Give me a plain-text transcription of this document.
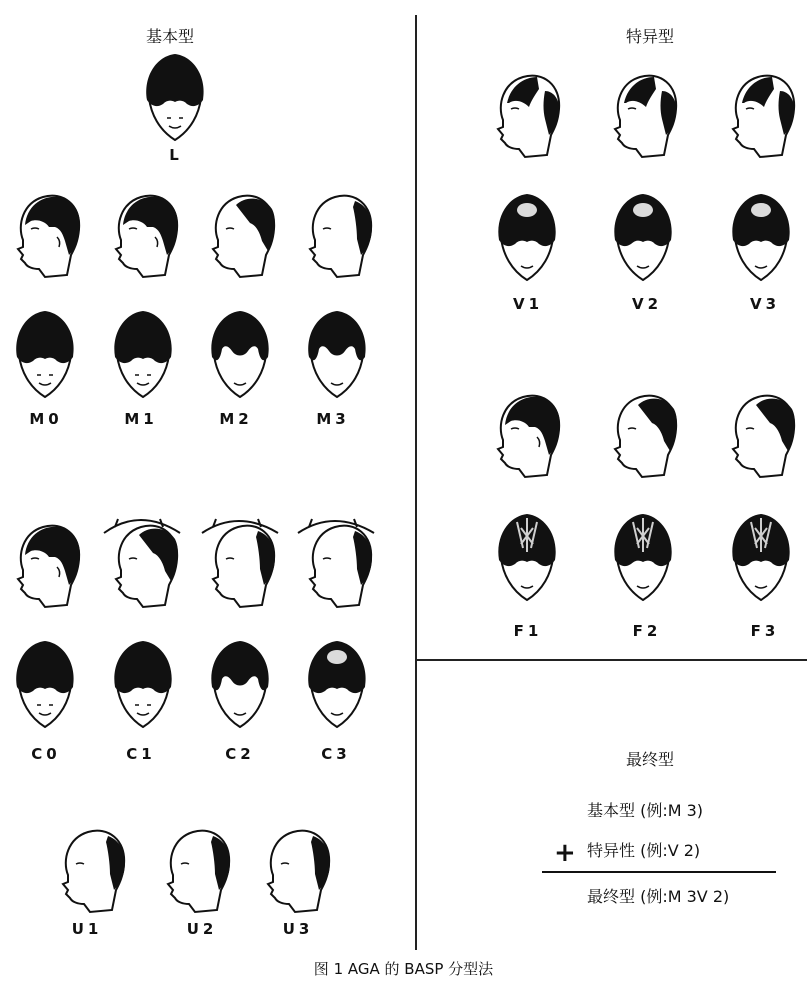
基本型	特异型
最终型
L
M0	M1	M2	M3
C0	C1	C2	C3
U1	U2	U3
V1	V2	V3
F1	F2	F3
基本型 (例:M 3)
+ 特异性 (例:V 2)
最终型 (例:M 3V 2)
图 1 AGA 的 BASP 分型法
